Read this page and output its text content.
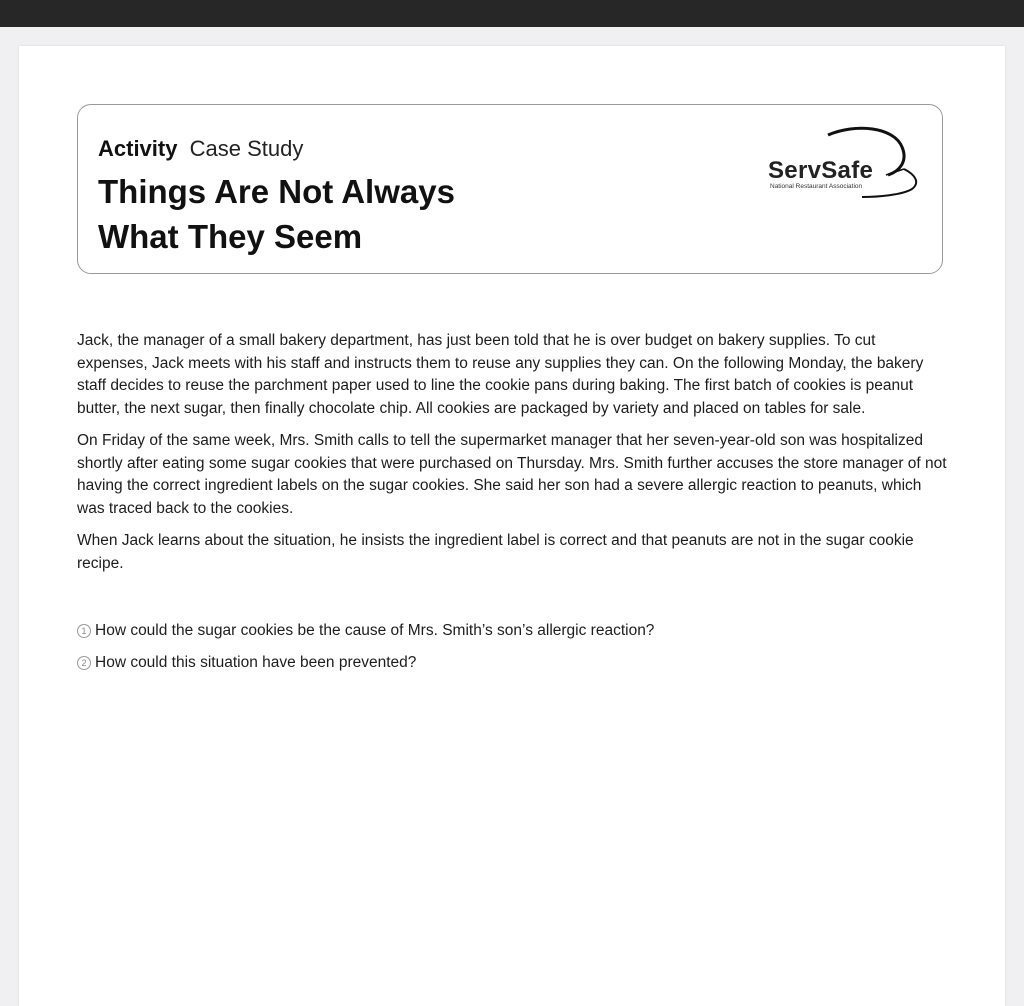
Activity Case Study
Things Are Not Always
What They Seem
ServSafe
National Restaurant Association

Jack, the manager of a small bakery department, has just been told that he is over budget on bakery supplies. To cut expenses, Jack meets with his staff and instructs them to reuse any supplies they can. On the following Monday, the bakery staff decides to reuse the parchment paper used to line the cookie pans during baking. The first batch of cookies is peanut butter, the next sugar, then finally chocolate chip. All cookies are packaged by variety and placed on tables for sale.

On Friday of the same week, Mrs. Smith calls to tell the supermarket manager that her seven-year-old son was hospitalized shortly after eating some sugar cookies that were purchased on Thursday. Mrs. Smith further accuses the store manager of not having the correct ingredient labels on the sugar cookies. She said her son had a severe allergic reaction to peanuts, which was traced back to the cookies.

When Jack learns about the situation, he insists the ingredient label is correct and that peanuts are not in the sugar cookie recipe.

1 How could the sugar cookies be the cause of Mrs. Smith’s son’s allergic reaction?
2 How could this situation have been prevented?
